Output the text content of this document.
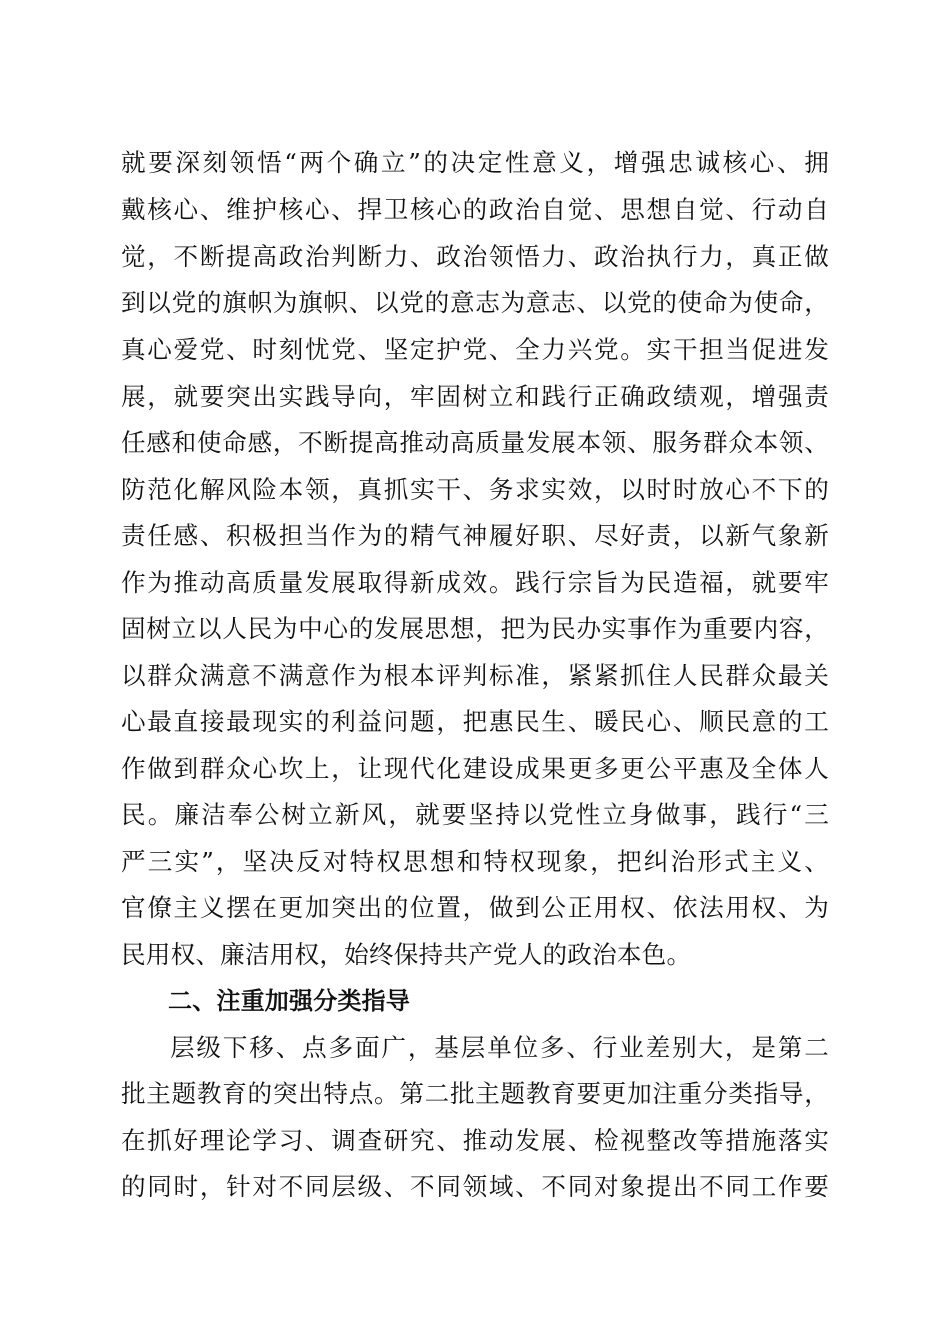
就要深刻领悟“两个确立”的决定性意义，增强忠诚核心、拥
戴核心、维护核心、捍卫核心的政治自觉、思想自觉、行动自
觉，不断提高政治判断力、政治领悟力、政治执行力，真正做
到以党的旗帜为旗帜、以党的意志为意志、以党的使命为使命，
真心爱党、时刻忧党、坚定护党、全力兴党。实干担当促进发
展，就要突出实践导向，牢固树立和践行正确政绩观，增强责
任感和使命感，不断提高推动高质量发展本领、服务群众本领、
防范化解风险本领，真抓实干、务求实效，以时时放心不下的
责任感、积极担当作为的精气神履好职、尽好责，以新气象新
作为推动高质量发展取得新成效。践行宗旨为民造福，就要牢
固树立以人民为中心的发展思想，把为民办实事作为重要内容，
以群众满意不满意作为根本评判标准，紧紧抓住人民群众最关
心最直接最现实的利益问题，把惠民生、暖民心、顺民意的工
作做到群众心坎上，让现代化建设成果更多更公平惠及全体人
民。廉洁奉公树立新风，就要坚持以党性立身做事，践行“三
严三实”，坚决反对特权思想和特权现象，把纠治形式主义、
官僚主义摆在更加突出的位置，做到公正用权、依法用权、为
民用权、廉洁用权，始终保持共产党人的政治本色。
二、注重加强分类指导
层级下移、点多面广，基层单位多、行业差别大，是第二
批主题教育的突出特点。第二批主题教育要更加注重分类指导，
在抓好理论学习、调查研究、推动发展、检视整改等措施落实
的同时，针对不同层级、不同领域、不同对象提出不同工作要
